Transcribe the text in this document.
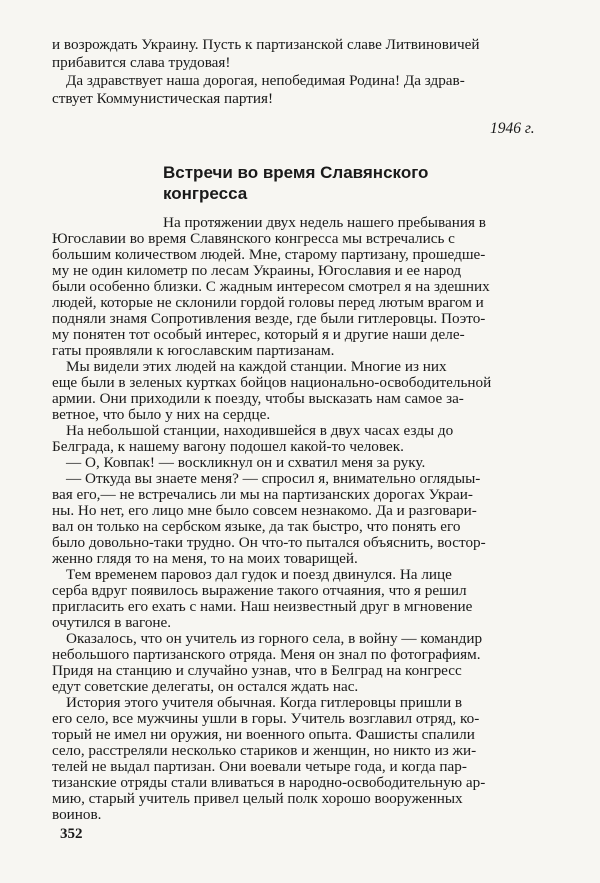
и возрождать Украину. Пусть к партизанской славе Литвиновичей
прибавится слава трудовая!
Да здравствует наша дорогая, непобедимая Родина! Да здрав-
ствует Коммунистическая партия!
1946 г.
Встречи во время Славянского
конгресса
На протяжении двух недель нашего пребывания в
Югославии во время Славянского конгресса мы встречались с
большим количеством людей. Мне, старому партизану, прошедше-
му не один километр по лесам Украины, Югославия и ее народ
были особенно близки. С жадным интересом смотрел я на здешних
людей, которые не склонили гордой головы перед лютым врагом и
подняли знамя Сопротивления везде, где были гитлеровцы. Поэто-
му понятен тот особый интерес, который я и другие наши деле-
гаты проявляли к югославским партизанам.
Мы видели этих людей на каждой станции. Многие из них
еще были в зеленых куртках бойцов национально-освободительной
армии. Они приходили к поезду, чтобы высказать нам самое за-
ветное, что было у них на сердце.
На небольшой станции, находившейся в двух часах езды до
Белграда, к нашему вагону подошел какой-то человек.
— О, Ковпак! — воскликнул он и схватил меня за руку.
— Откуда вы знаете меня? — спросил я, внимательно оглядыы-
вая его,— не встречались ли мы на партизанских дорогах Украи-
ны. Но нет, его лицо мне было совсем незнакомо. Да и разговари-
вал он только на сербском языке, да так быстро, что понять его
было довольно-таки трудно. Он что-то пытался объяснить, востор-
женно глядя то на меня, то на моих товарищей.
Тем временем паровоз дал гудок и поезд двинулся. На лице
серба вдруг появилось выражение такого отчаяния, что я решил
пригласить его ехать с нами. Наш неизвестный друг в мгновение
очутился в вагоне.
Оказалось, что он учитель из горного села, в войну — командир
небольшого партизанского отряда. Меня он знал по фотографиям.
Придя на станцию и случайно узнав, что в Белград на конгресс
едут советские делегаты, он остался ждать нас.
История этого учителя обычная. Когда гитлеровцы пришли в
его село, все мужчины ушли в горы. Учитель возглавил отряд, ко-
торый не имел ни оружия, ни военного опыта. Фашисты спалили
село, расстреляли несколько стариков и женщин, но никто из жи-
телей не выдал партизан. Они воевали четыре года, и когда пар-
тизанские отряды стали вливаться в народно-освободительную ар-
мию, старый учитель привел целый полк хорошо вооруженных
воинов.
352
